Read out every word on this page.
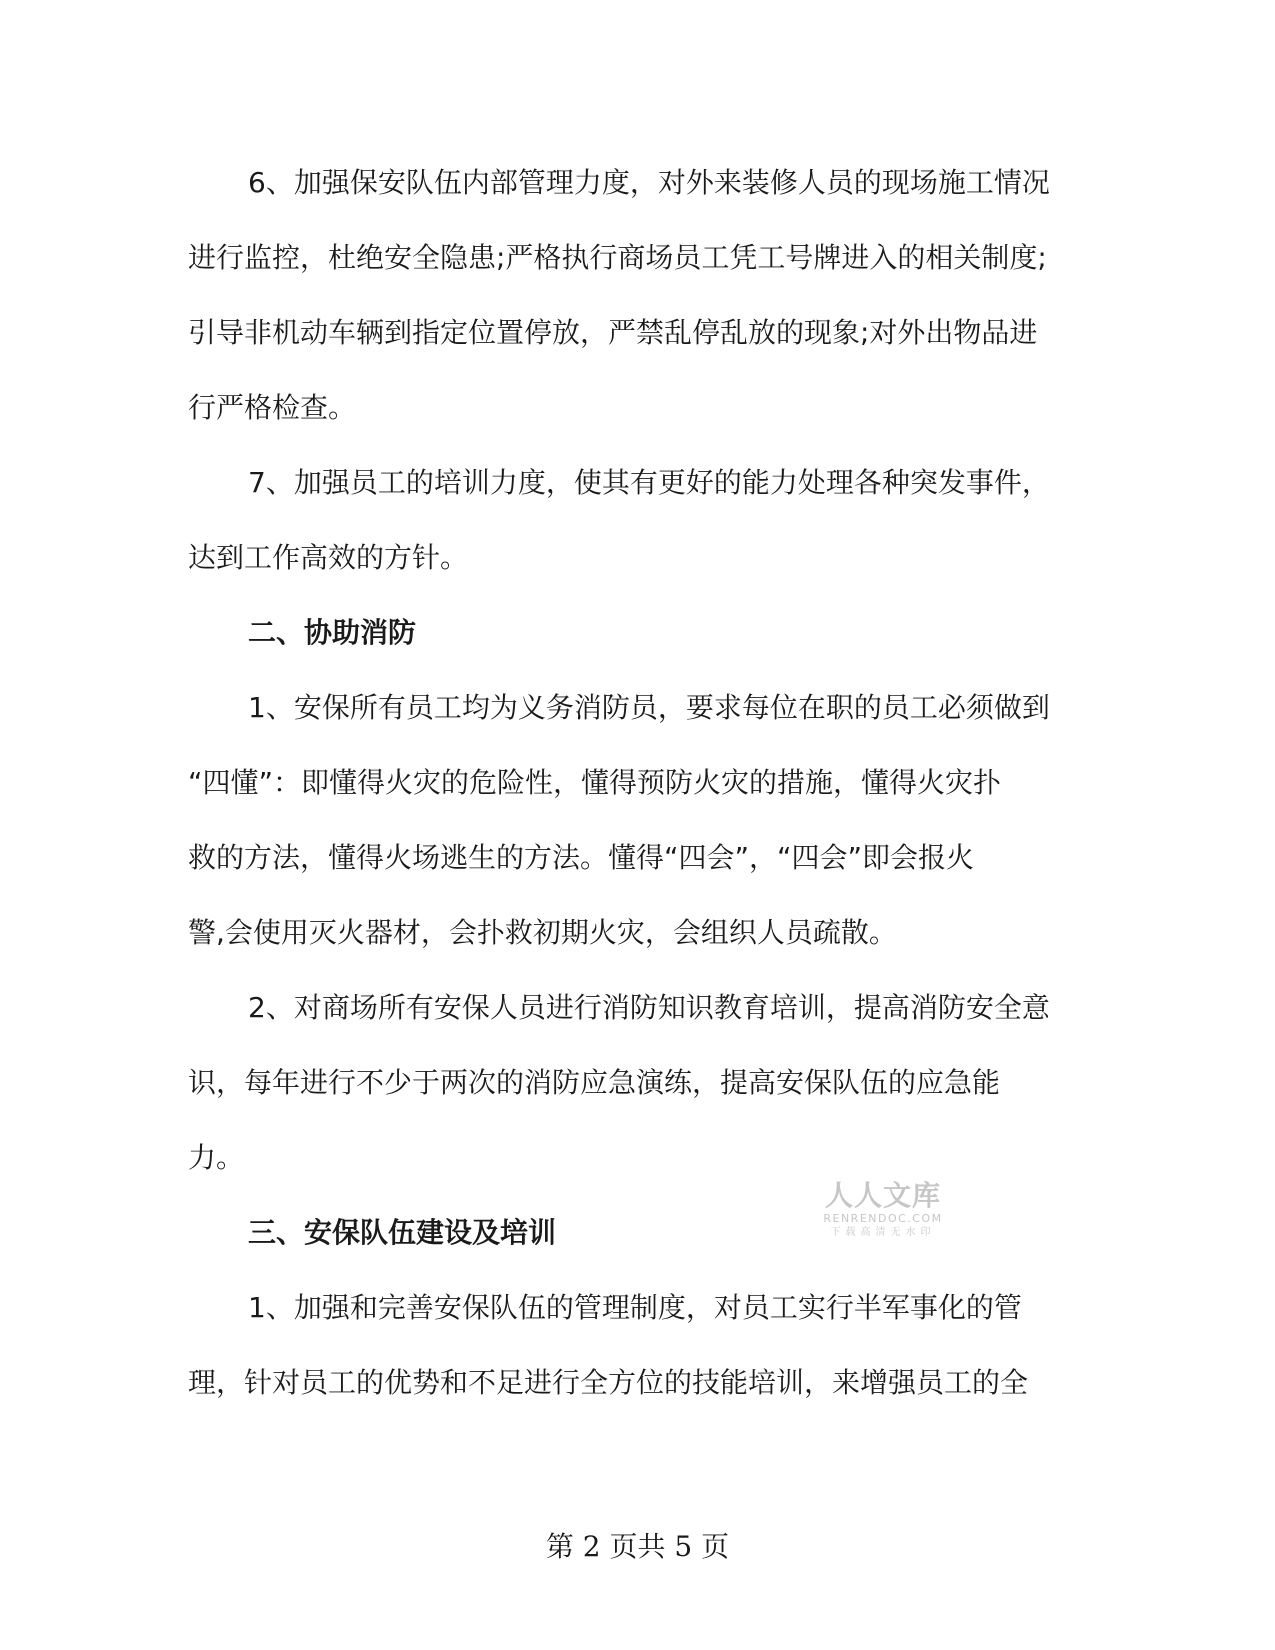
6、加强保安队伍内部管理力度，对外来装修人员的现场施工情况
进行监控，杜绝安全隐患;严格执行商场员工凭工号牌进入的相关制度;
引导非机动车辆到指定位置停放，严禁乱停乱放的现象;对外出物品进
行严格检查。
7、加强员工的培训力度，使其有更好的能力处理各种突发事件，
达到工作高效的方针。
二、协助消防
1、安保所有员工均为义务消防员，要求每位在职的员工必须做到
“四懂”：即懂得火灾的危险性，懂得预防火灾的措施，懂得火灾扑
救的方法，懂得火场逃生的方法。懂得“四会”，“四会”即会报火
警,会使用灭火器材，会扑救初期火灾，会组织人员疏散。
2、对商场所有安保人员进行消防知识教育培训，提高消防安全意
识，每年进行不少于两次的消防应急演练，提高安保队伍的应急能
力。
三、安保队伍建设及培训
1、加强和完善安保队伍的管理制度，对员工实行半军事化的管
理，针对员工的优势和不足进行全方位的技能培训，来增强员工的全
人人文库
RENRENDOC.COM
下载高清无水印
第 2 页共 5 页
